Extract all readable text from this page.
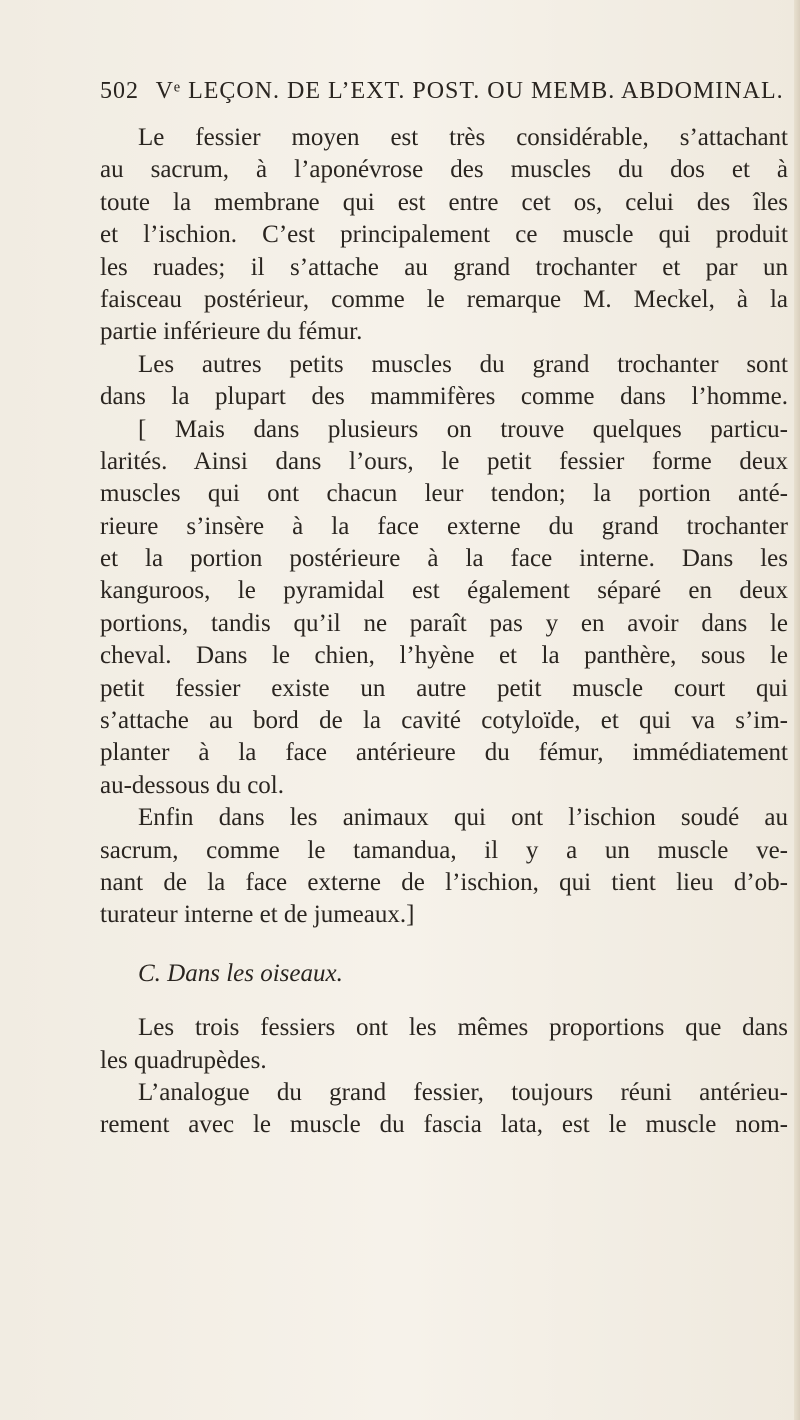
502 Vᵉ LEÇON. DE L’EXT. POST. OU MEMB. ABDOMINAL.
Le fessier moyen est très considérable, s’attachant
au sacrum, à l’aponévrose des muscles du dos et à
toute la membrane qui est entre cet os, celui des îles
et l’ischion. C’est principalement ce muscle qui produit
les ruades; il s’attache au grand trochanter et par un
faisceau postérieur, comme le remarque M. Meckel, à la
partie inférieure du fémur.
Les autres petits muscles du grand trochanter sont
dans la plupart des mammifères comme dans l’homme.
[ Mais dans plusieurs on trouve quelques particu-
larités. Ainsi dans l’ours, le petit fessier forme deux
muscles qui ont chacun leur tendon; la portion anté-
rieure s’insère à la face externe du grand trochanter
et la portion postérieure à la face interne. Dans les
kanguroos, le pyramidal est également séparé en deux
portions, tandis qu’il ne paraît pas y en avoir dans le
cheval. Dans le chien, l’hyène et la panthère, sous le
petit fessier existe un autre petit muscle court qui
s’attache au bord de la cavité cotyloïde, et qui va s’im-
planter à la face antérieure du fémur, immédiatement
au-dessous du col.
Enfin dans les animaux qui ont l’ischion soudé au
sacrum, comme le tamandua, il y a un muscle ve-
nant de la face externe de l’ischion, qui tient lieu d’ob-
turateur interne et de jumeaux.]
C. Dans les oiseaux.
Les trois fessiers ont les mêmes proportions que dans
les quadrupèdes.
L’analogue du grand fessier, toujours réuni antérieu-
rement avec le muscle du fascia lata, est le muscle nom-
